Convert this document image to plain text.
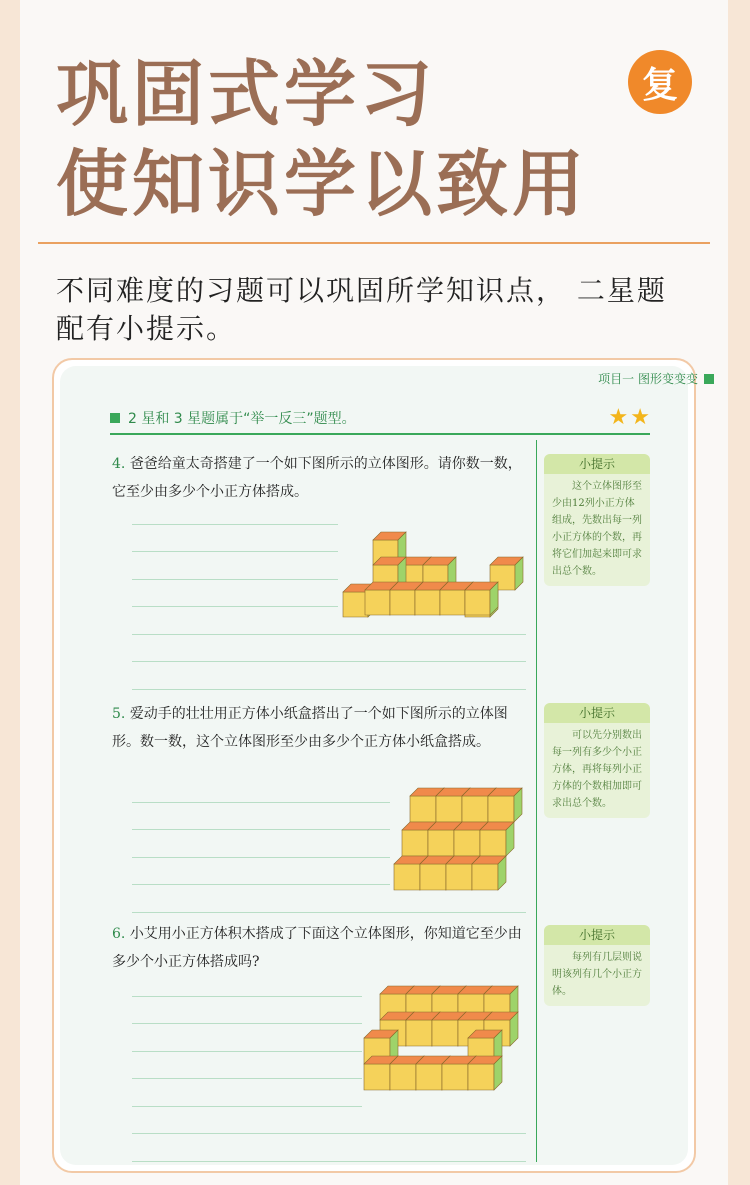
巩固式学习
使知识学以致用
复
不同难度的习题可以巩固所学知识点， 二星题配有小提示。
项目一 图形变变变
2 星和 3 星题属于“举一反三”题型。	★ ★
4. 爸爸给童太奇搭建了一个如下图所示的立体图形。请你数一数，它至少由多少个小正方体搭成。
小提示
这个立体图形至少由12列小正方体组成，先数出每一列小正方体的个数，再将它们加起来即可求出总个数。
5. 爱动手的壮壮用正方体小纸盒搭出了一个如下图所示的立体图形。数一数，这个立体图形至少由多少个正方体小纸盒搭成。
小提示
可以先分别数出每一列有多少个小正方体，再将每列小正方体的个数相加即可求出总个数。
6. 小艾用小正方体积木搭成了下面这个立体图形，你知道它至少由多少个小正方体搭成吗?
小提示
每列有几层则说明该列有几个小正方体。
